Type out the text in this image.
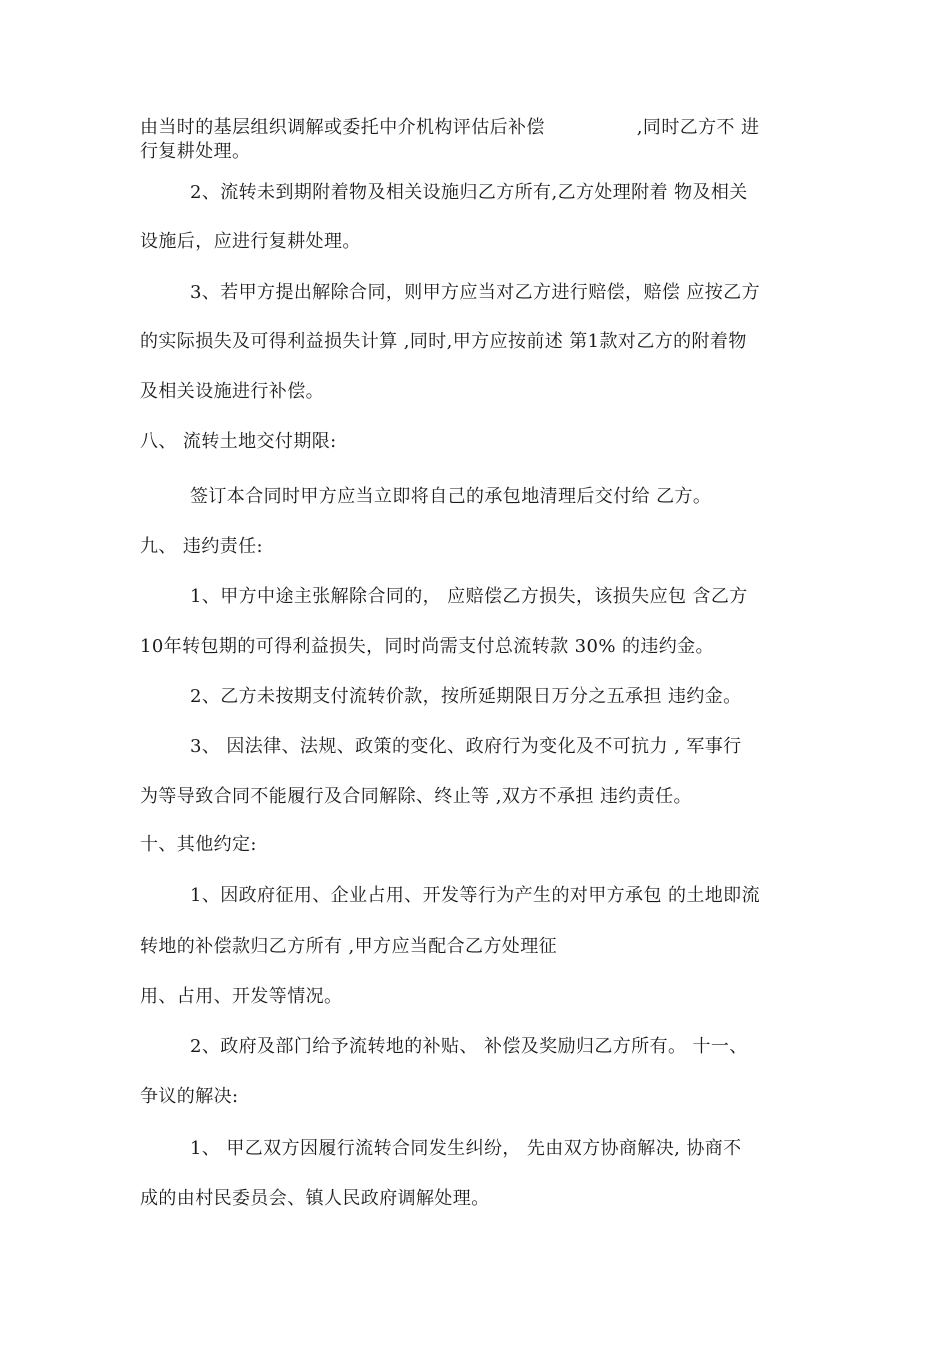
由当时的基层组织调解或委托中介机构评估后补偿　　　　　,同时乙方不 进
行复耕处理。
2、流转未到期附着物及相关设施归乙方所有,乙方处理附着 物及相关
设施后，应进行复耕处理。
3、若甲方提出解除合同，则甲方应当对乙方进行赔偿，赔偿 应按乙方
的实际损失及可得利益损失计算 ,同时,甲方应按前述 第1款对乙方的附着物
及相关设施进行补偿。
八、 流转土地交付期限:
签订本合同时甲方应当立即将自己的承包地清理后交付给 乙方。
九、 违约责任:
1、甲方中途主张解除合同的， 应赔偿乙方损失，该损失应包 含乙方
10年转包期的可得利益损失，同时尚需支付总流转款 30% 的违约金。
2、乙方未按期支付流转价款，按所延期限日万分之五承担 违约金。
3、 因法律、法规、政策的变化、政府行为变化及不可抗力 , 军事行
为等导致合同不能履行及合同解除、终止等 ,双方不承担 违约责任。
十、其他约定:
1、因政府征用、企业占用、开发等行为产生的对甲方承包 的土地即流
转地的补偿款归乙方所有 ,甲方应当配合乙方处理征
用、占用、开发等情况。
2、政府及部门给予流转地的补贴、 补偿及奖励归乙方所有。 十一、
争议的解决:
1、 甲乙双方因履行流转合同发生纠纷， 先由双方协商解决, 协商不
成的由村民委员会、镇人民政府调解处理。
